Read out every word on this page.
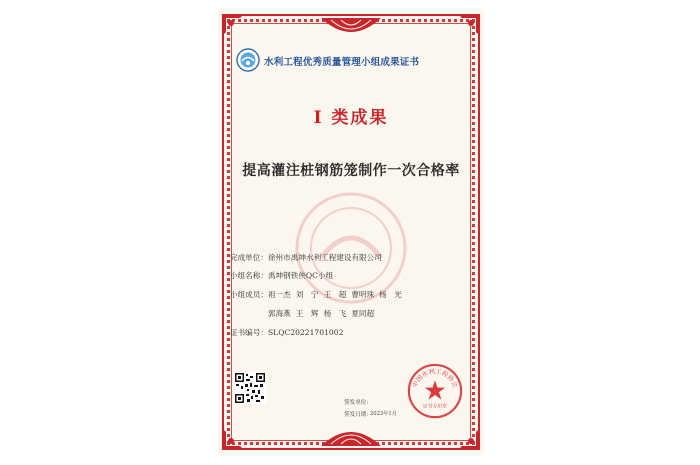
水利工程优秀质量管理小组成果证书
I 类成果
提高灌注桩钢筋笼制作一次合格率
完成单位：徐州市禹坤水利工程建设有限公司
小组名称：禹坤钢铁侠QC小组
小组成员：祖一杰 刘　宁 王　超 曹明珠 杨　光
郭海燕 王　辉 杨　飞 夏同超
证书编号：SLQC20221701002
签发单位：
签发日期：
中国水利工程协会
证书专用章
2023年1月
